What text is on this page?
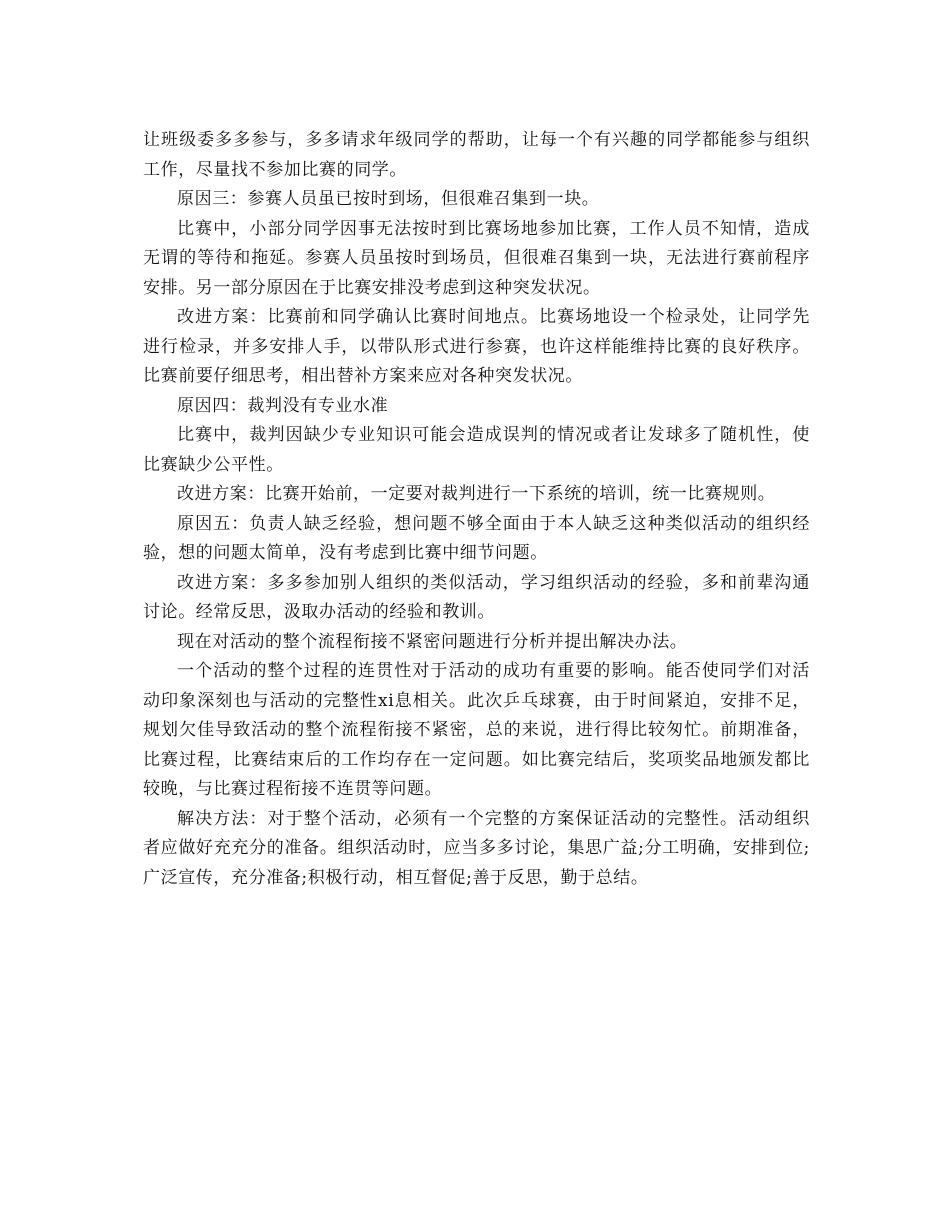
让班级委多多参与，多多请求年级同学的帮助，让每一个有兴趣的同学都能参与组织工作，尽量找不参加比赛的同学。

原因三：参赛人员虽已按时到场，但很难召集到一块。

比赛中，小部分同学因事无法按时到比赛场地参加比赛，工作人员不知情，造成无谓的等待和拖延。参赛人员虽按时到场员，但很难召集到一块，无法进行赛前程序安排。另一部分原因在于比赛安排没考虑到这种突发状况。

改进方案：比赛前和同学确认比赛时间地点。比赛场地设一个检录处，让同学先进行检录，并多安排人手，以带队形式进行参赛，也许这样能维持比赛的良好秩序。比赛前要仔细思考，相出替补方案来应对各种突发状况。

原因四：裁判没有专业水准

比赛中，裁判因缺少专业知识可能会造成误判的情况或者让发球多了随机性，使比赛缺少公平性。

改进方案：比赛开始前，一定要对裁判进行一下系统的培训，统一比赛规则。

原因五：负责人缺乏经验，想问题不够全面由于本人缺乏这种类似活动的组织经验，想的问题太简单，没有考虑到比赛中细节问题。

改进方案：多多参加别人组织的类似活动，学习组织活动的经验，多和前辈沟通讨论。经常反思，汲取办活动的经验和教训。

现在对活动的整个流程衔接不紧密问题进行分析并提出解决办法。

一个活动的整个过程的连贯性对于活动的成功有重要的影响。能否使同学们对活动印象深刻也与活动的完整性xi息相关。此次乒乓球赛，由于时间紧迫，安排不足，规划欠佳导致活动的整个流程衔接不紧密，总的来说，进行得比较匆忙。前期准备，比赛过程，比赛结束后的工作均存在一定问题。如比赛完结后，奖项奖品地颁发都比较晚，与比赛过程衔接不连贯等问题。

解决方法：对于整个活动，必须有一个完整的方案保证活动的完整性。活动组织者应做好充充分的准备。组织活动时，应当多多讨论，集思广益;分工明确，安排到位;广泛宣传，充分准备;积极行动，相互督促;善于反思，勤于总结。
